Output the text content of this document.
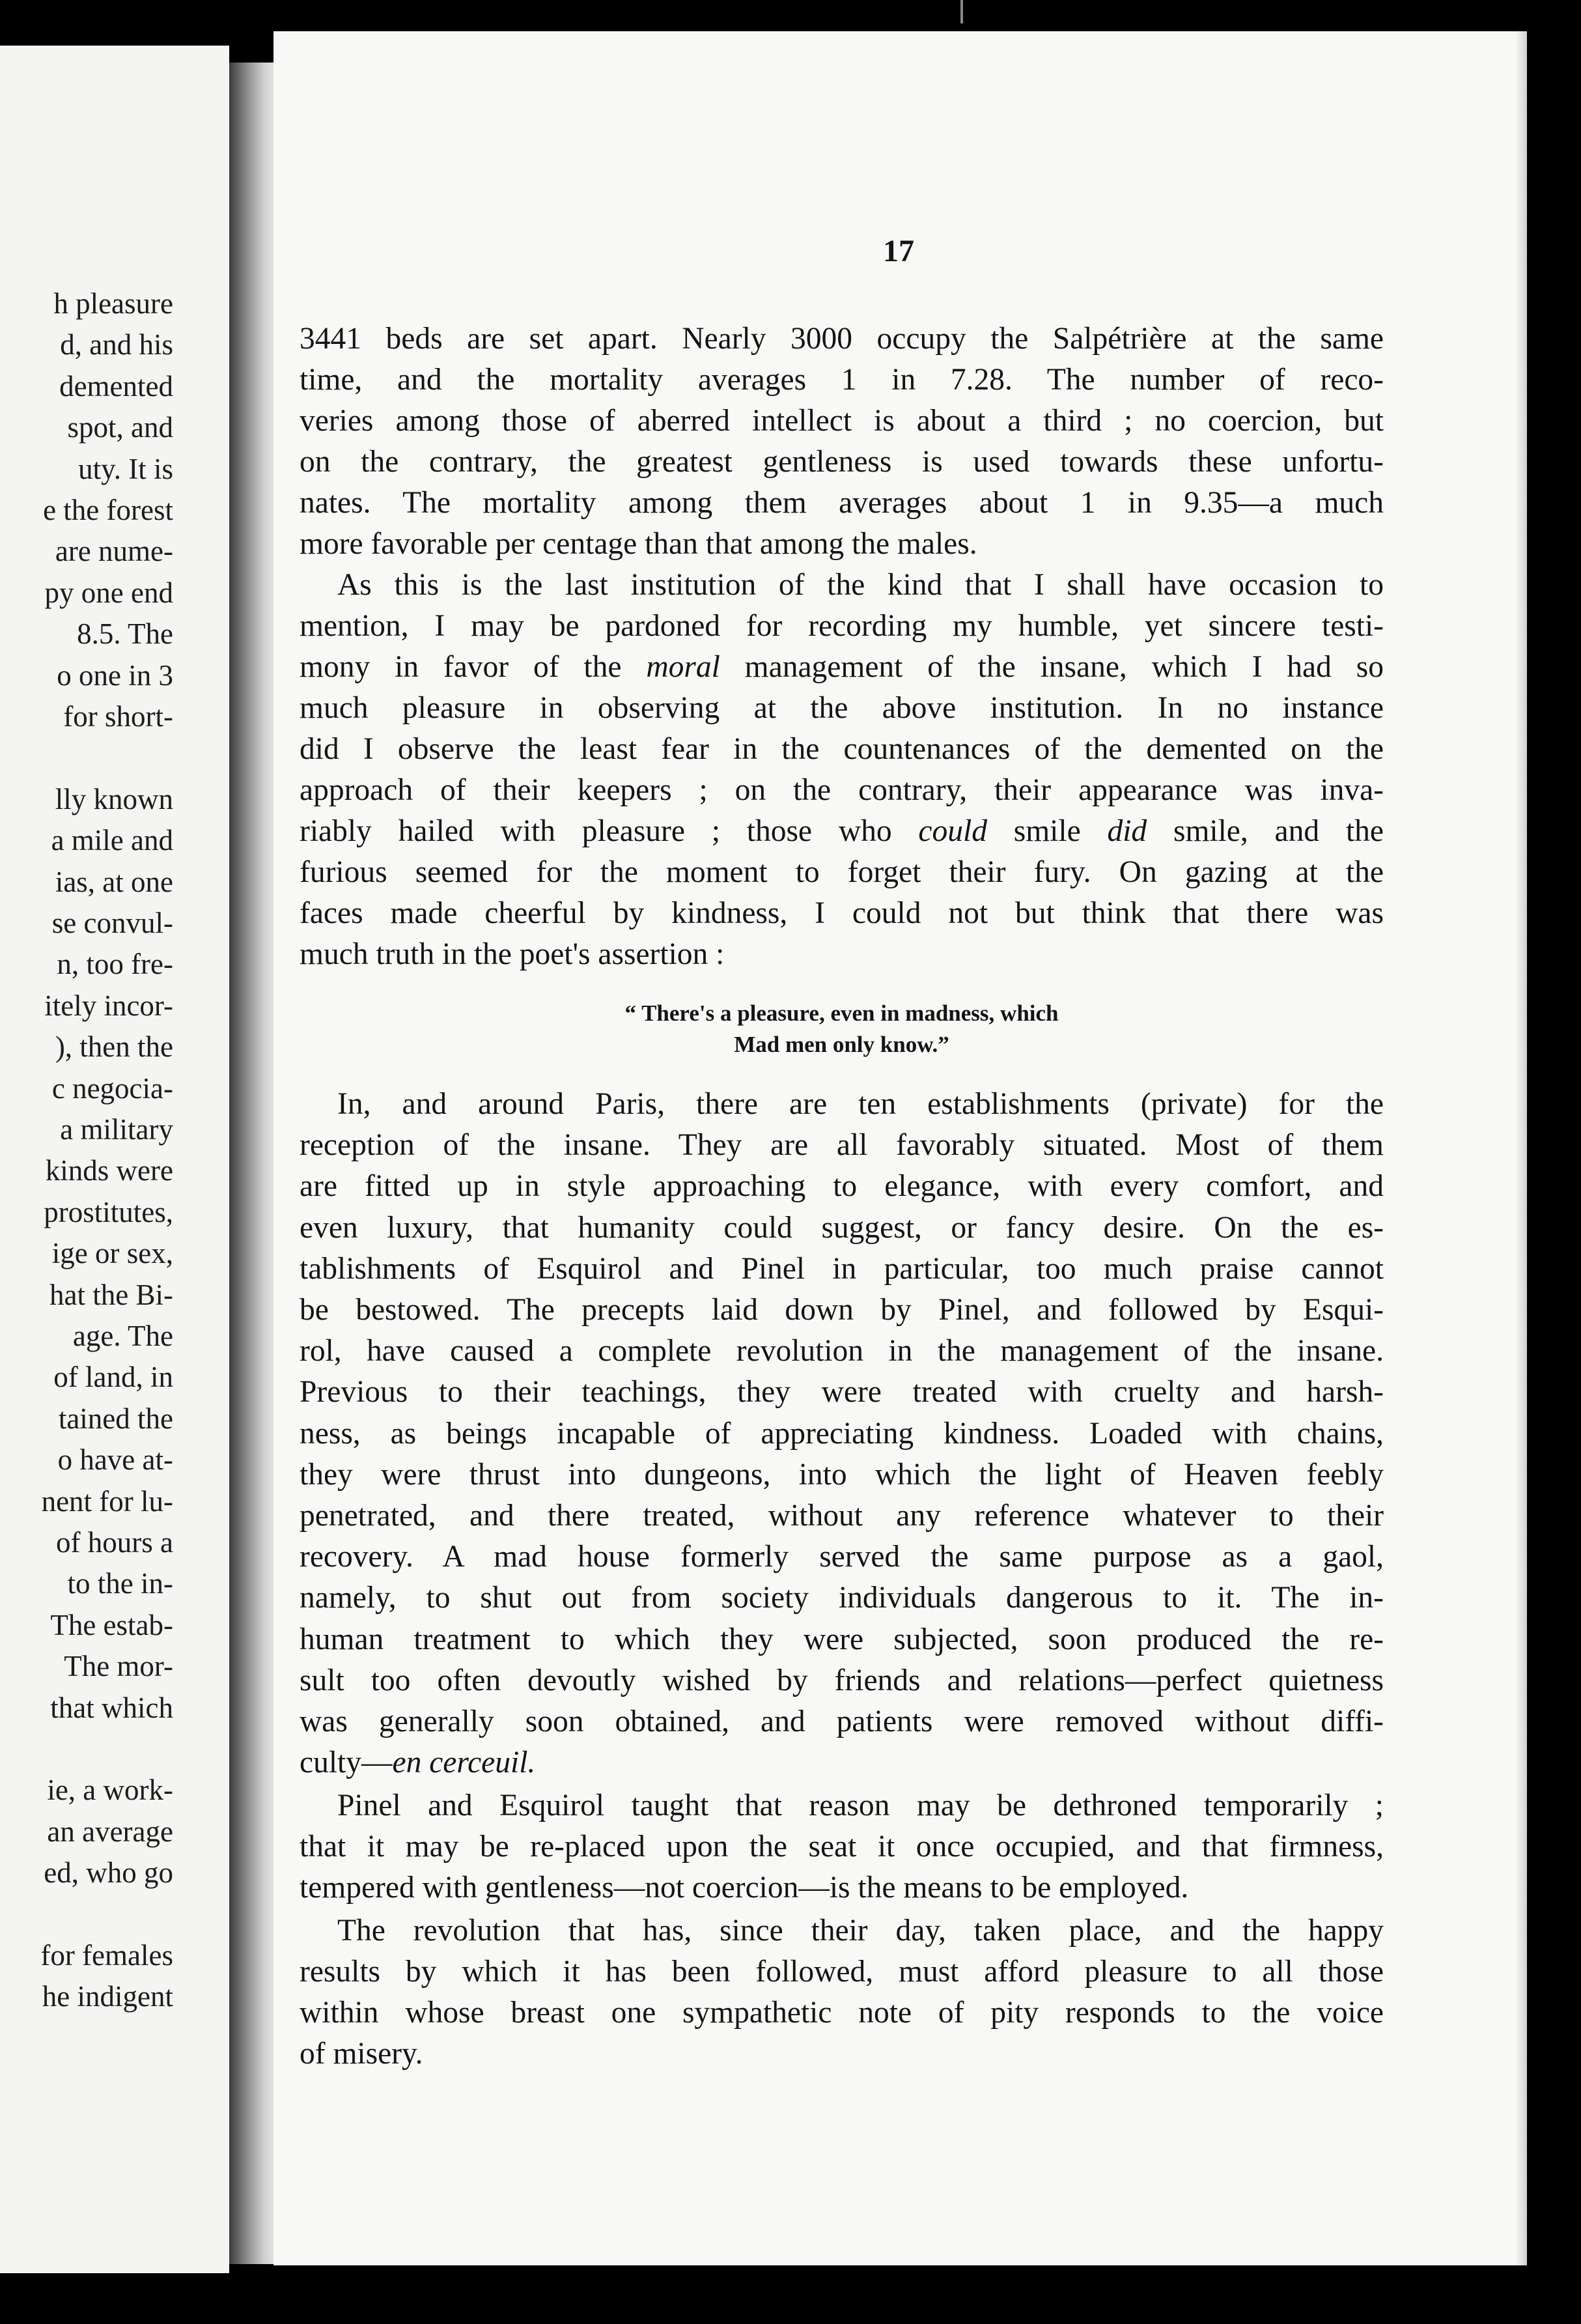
h pleasure
d, and his
demented
spot, and
uty. It is
e the forest
are nume-
py one end
8.5. The
o one in 3
for short-
lly known
a mile and
ias, at one
se convul-
n, too fre-
itely incor-
), then the
c negocia-
a military
kinds were
prostitutes,
ige or sex,
hat the Bi-
age. The
of land, in
tained the
o have at-
nent for lu-
of hours a
to the in-
The estab-
The mor-
that which
ie, a work-
an average
ed, who go
for females
he indigent
17
3441 beds are set apart. Nearly 3000 occupy the Salpétrière at the same
time, and the mortality averages 1 in 7.28. The number of reco-
veries among those of aberred intellect is about a third ; no coercion, but
on the contrary, the greatest gentleness is used towards these unfortu-
nates. The mortality among them averages about 1 in 9.35—a much
more favorable per centage than that among the males.
As this is the last institution of the kind that I shall have occasion to
mention, I may be pardoned for recording my humble, yet sincere testi-
mony in favor of the moral management of the insane, which I had so
much pleasure in observing at the above institution. In no instance
did I observe the least fear in the countenances of the demented on the
approach of their keepers ; on the contrary, their appearance was inva-
riably hailed with pleasure ; those who could smile did smile, and the
furious seemed for the moment to forget their fury. On gazing at the
faces made cheerful by kindness, I could not but think that there was
much truth in the poet's assertion :
“ There's a pleasure, even in madness, which
Mad men only know.”
In, and around Paris, there are ten establishments (private) for the
reception of the insane. They are all favorably situated. Most of them
are fitted up in style approaching to elegance, with every comfort, and
even luxury, that humanity could suggest, or fancy desire. On the es-
tablishments of Esquirol and Pinel in particular, too much praise cannot
be bestowed. The precepts laid down by Pinel, and followed by Esqui-
rol, have caused a complete revolution in the management of the insane.
Previous to their teachings, they were treated with cruelty and harsh-
ness, as beings incapable of appreciating kindness. Loaded with chains,
they were thrust into dungeons, into which the light of Heaven feebly
penetrated, and there treated, without any reference whatever to their
recovery. A mad house formerly served the same purpose as a gaol,
namely, to shut out from society individuals dangerous to it. The in-
human treatment to which they were subjected, soon produced the re-
sult too often devoutly wished by friends and relations—perfect quietness
was generally soon obtained, and patients were removed without diffi-
culty—en cerceuil.
Pinel and Esquirol taught that reason may be dethroned temporarily ;
that it may be re-placed upon the seat it once occupied, and that firmness,
tempered with gentleness—not coercion—is the means to be employed.
The revolution that has, since their day, taken place, and the happy
results by which it has been followed, must afford pleasure to all those
within whose breast one sympathetic note of pity responds to the voice
of misery.
